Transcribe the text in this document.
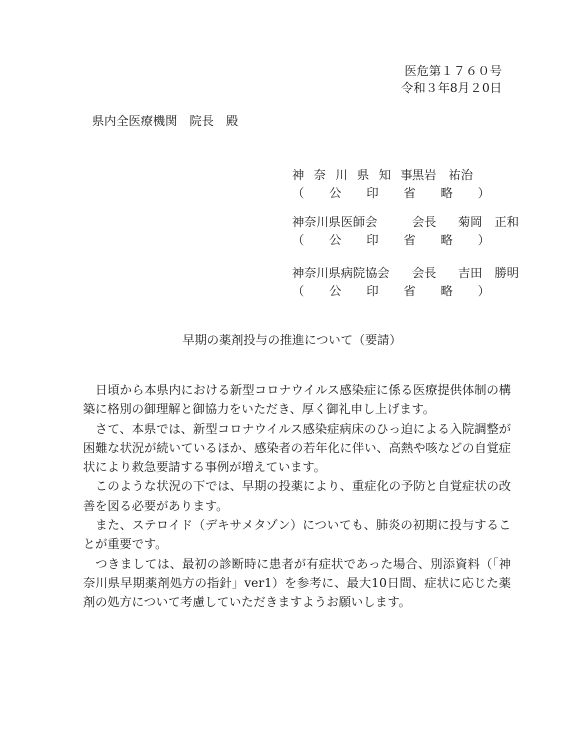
医危第１７６０号
令和３年8月２0日
県内全医療機関　院長　殿
神奈川県知事
黒岩　祐治
（ 公 印 省 略 ）
神奈川県医師会	会長	菊岡　正和
（ 公 印 省 略 ）
神奈川県病院協会	会長	吉田　勝明
（ 公 印 省 略 ）
早期の薬剤投与の推進について（要請）

日頃から本県内における新型コロナウイルス感染症に係る医療提供体制の構築に格別の御理解と御協力をいただき、厚く御礼申し上げます。

さて、本県では、新型コロナウイルス感染症病床のひっ迫による入院調整が困難な状況が続いているほか、感染者の若年化に伴い、高熱や咳などの自覚症状により救急要請する事例が増えています。

このような状況の下では、早期の投薬により、重症化の予防と自覚症状の改善を図る必要があります。

また、ステロイド（デキサメタゾン）についても、肺炎の初期に投与することが重要です。

つきましては、最初の診断時に患者が有症状であった場合、別添資料（「神奈川県早期薬剤処方の指針」ver1）を参考に、最大10日間、症状に応じた薬剤の処方について考慮していただきますようお願いします。
